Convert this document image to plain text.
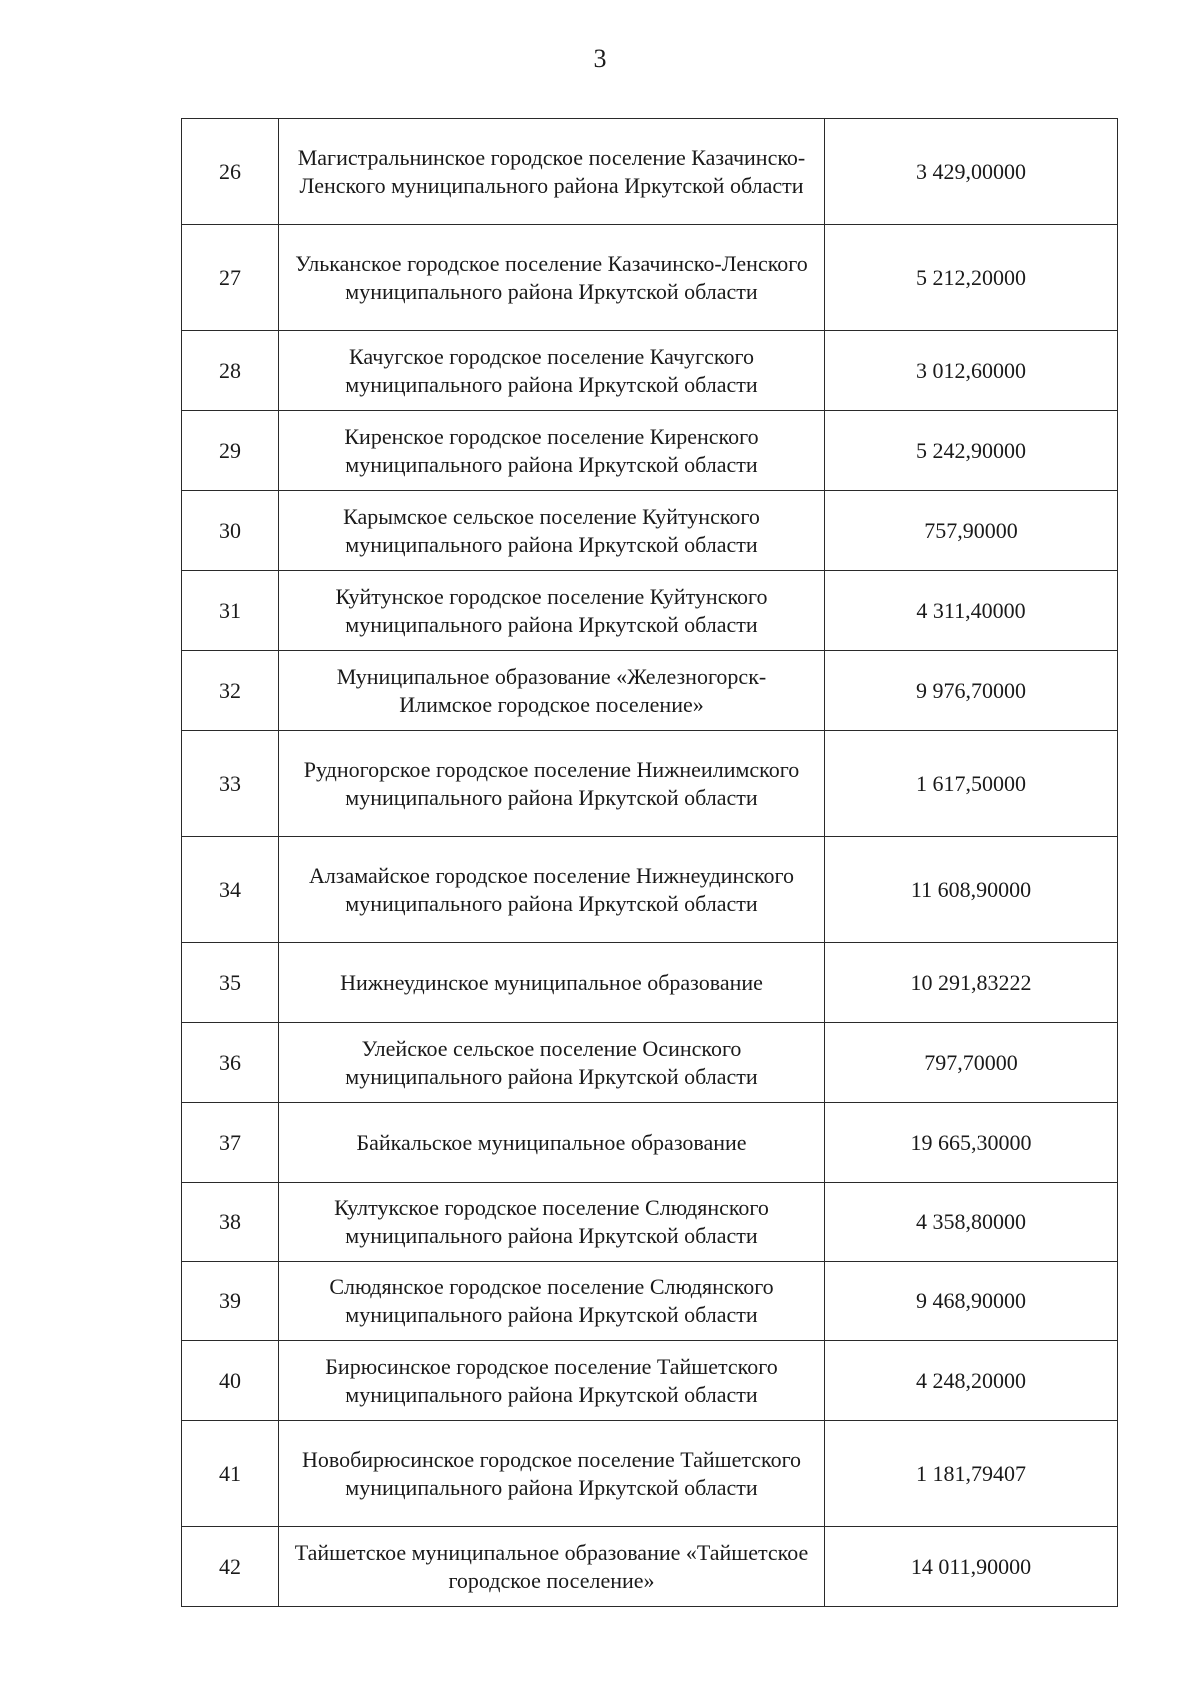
3
26	Магистральнинское городское поселение Казачинско-Ленского муниципального района Иркутской области	3 429,00000
27	Ульканское городское поселение Казачинско-Ленского муниципального района Иркутской области	5 212,20000
28	Качугское городское поселение Качугского муниципального района Иркутской области	3 012,60000
29	Киренское городское поселение Киренского муниципального района Иркутской области	5 242,90000
30	Карымское сельское поселение Куйтунского муниципального района Иркутской области	757,90000
31	Куйтунское городское поселение Куйтунского муниципального района Иркутской области	4 311,40000
32	Муниципальное образование «Железногорск-Илимское городское поселение»	9 976,70000
33	Рудногорское городское поселение Нижнеилимского муниципального района Иркутской области	1 617,50000
34	Алзамайское городское поселение Нижнеудинского муниципального района Иркутской области	11 608,90000
35	Нижнеудинское муниципальное образование	10 291,83222
36	Улейское сельское поселение Осинского муниципального района Иркутской области	797,70000
37	Байкальское муниципальное образование	19 665,30000
38	Култукское городское поселение Слюдянского муниципального района Иркутской области	4 358,80000
39	Слюдянское городское поселение Слюдянского муниципального района Иркутской области	9 468,90000
40	Бирюсинское городское поселение Тайшетского муниципального района Иркутской области	4 248,20000
41	Новобирюсинское городское поселение Тайшетского муниципального района Иркутской области	1 181,79407
42	Тайшетское муниципальное образование «Тайшетское городское поселение»	14 011,90000
